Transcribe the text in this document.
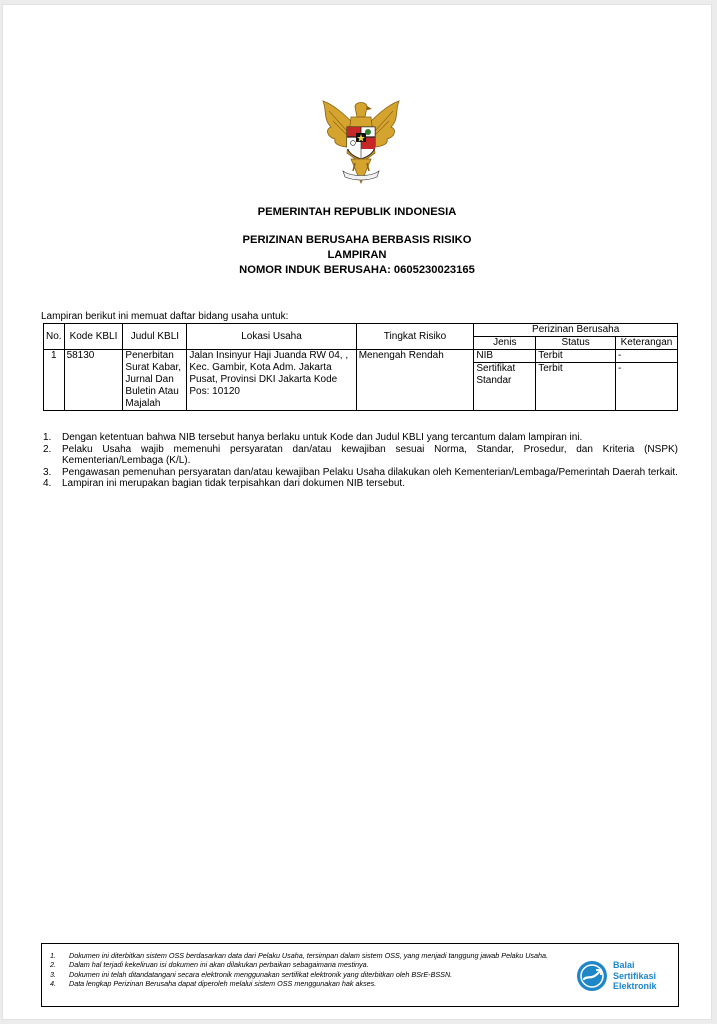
PEMERINTAH REPUBLIK INDONESIA
PERIZINAN BERUSAHA BERBASIS RISIKO
LAMPIRAN
NOMOR INDUK BERUSAHA: 0605230023165
Lampiran berikut ini memuat daftar bidang usaha untuk:
No.	Kode KBLI	Judul KBLI	Lokasi Usaha	Tingkat Risiko	Perizinan Berusaha		
					Jenis	Status	Keterangan
1	58130	Penerbitan Surat Kabar, Jurnal Dan Buletin Atau Majalah	Jalan Insinyur Haji Juanda RW 04, , Kec. Gambir, Kota Adm. Jakarta Pusat, Provinsi DKI Jakarta Kode Pos: 10120	Menengah Rendah	NIB	Terbit	-
					Sertifikat Standar	Terbit	-
1.	Dengan ketentuan bahwa NIB tersebut hanya berlaku untuk Kode dan Judul KBLI yang tercantum dalam lampiran ini.
2.	Pelaku Usaha wajib memenuhi persyaratan dan/atau kewajiban sesuai Norma, Standar, Prosedur, dan Kriteria (NSPK) Kementerian/Lembaga (K/L).
3.	Pengawasan pemenuhan persyaratan dan/atau kewajiban Pelaku Usaha dilakukan oleh Kementerian/Lembaga/Pemerintah Daerah terkait.
4.	Lampiran ini merupakan bagian tidak terpisahkan dari dokumen NIB tersebut.
1.	Dokumen ini diterbitkan sistem OSS berdasarkan data dari Pelaku Usaha, tersimpan dalam sistem OSS, yang menjadi tanggung jawab Pelaku Usaha.
2.	Dalam hal terjadi kekeliruan isi dokumen ini akan dilakukan perbaikan sebagaimana mestinya.
3.	Dokumen ini telah ditandatangani secara elektronik menggunakan sertifikat elektronik yang diterbitkan oleh BSrE-BSSN.
4.	Data lengkap Perizinan Berusaha dapat diperoleh melalui sistem OSS menggunakan hak akses.
Balai
Sertifikasi
Elektronik
